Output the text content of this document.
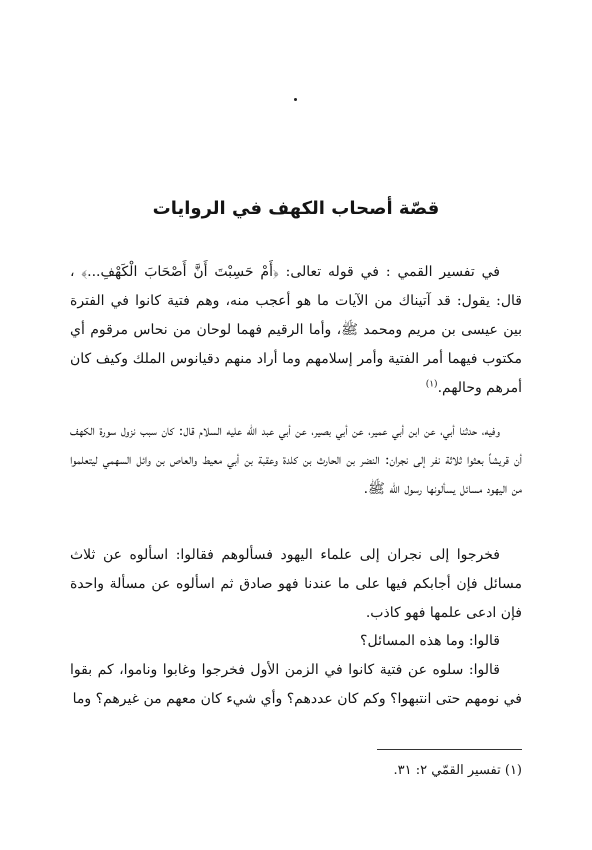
قصّة أصحاب الكهف في الروايات

في تفسير القمي : في قوله تعالى: ﴿أَمْ حَسِبْتَ أَنَّ أَصْحَابَ الْكَهْفِ...﴾ ، قال: يقول: قد آتيناك من الآيات ما هو أعجب منه، وهم فتية كانوا في الفترة بين عيسى بن مريم ومحمد ﷺ، وأما الرقيم فهما لوحان من نحاس مرقوم أي مكتوب فيهما أمر الفتية وأمر إسلامهم وما أراد منهم دقيانوس الملك وكيف كان أمرهم وحالهم.$^{(١)}$

وفيه، حدثنا أبي، عن ابن أبي عمير، عن أبي بصير، عن أبي عبد الله عليه السلام قال: كان سبب نزول سورة الكهف أن قريشاً بعثوا ثلاثة نفر إلى نجران: النضر بن الحارث بن كلدة وعقبة بن أبي معيط والعاص بن وائل السهمي ليتعلموا من اليهود مسائل يسألونها رسول الله ﷺ.

فخرجوا إلى نجران إلى علماء اليهود فسألوهم فقالوا: اسألوه عن ثلاث مسائل فإن أجابكم فيها على ما عندنا فهو صادق ثم اسألوه عن مسألة واحدة فإن ادعى علمها فهو كاذب.

قالوا: وما هذه المسائل؟

قالوا: سلوه عن فتية كانوا في الزمن الأول فخرجوا وغابوا وناموا، كم بقوا في نومهم حتى انتبهوا؟ وكم كان عددهم؟ وأي شيء كان معهم من غيرهم؟ وما

(١) تفسير القمّي ٢: ٣١.
